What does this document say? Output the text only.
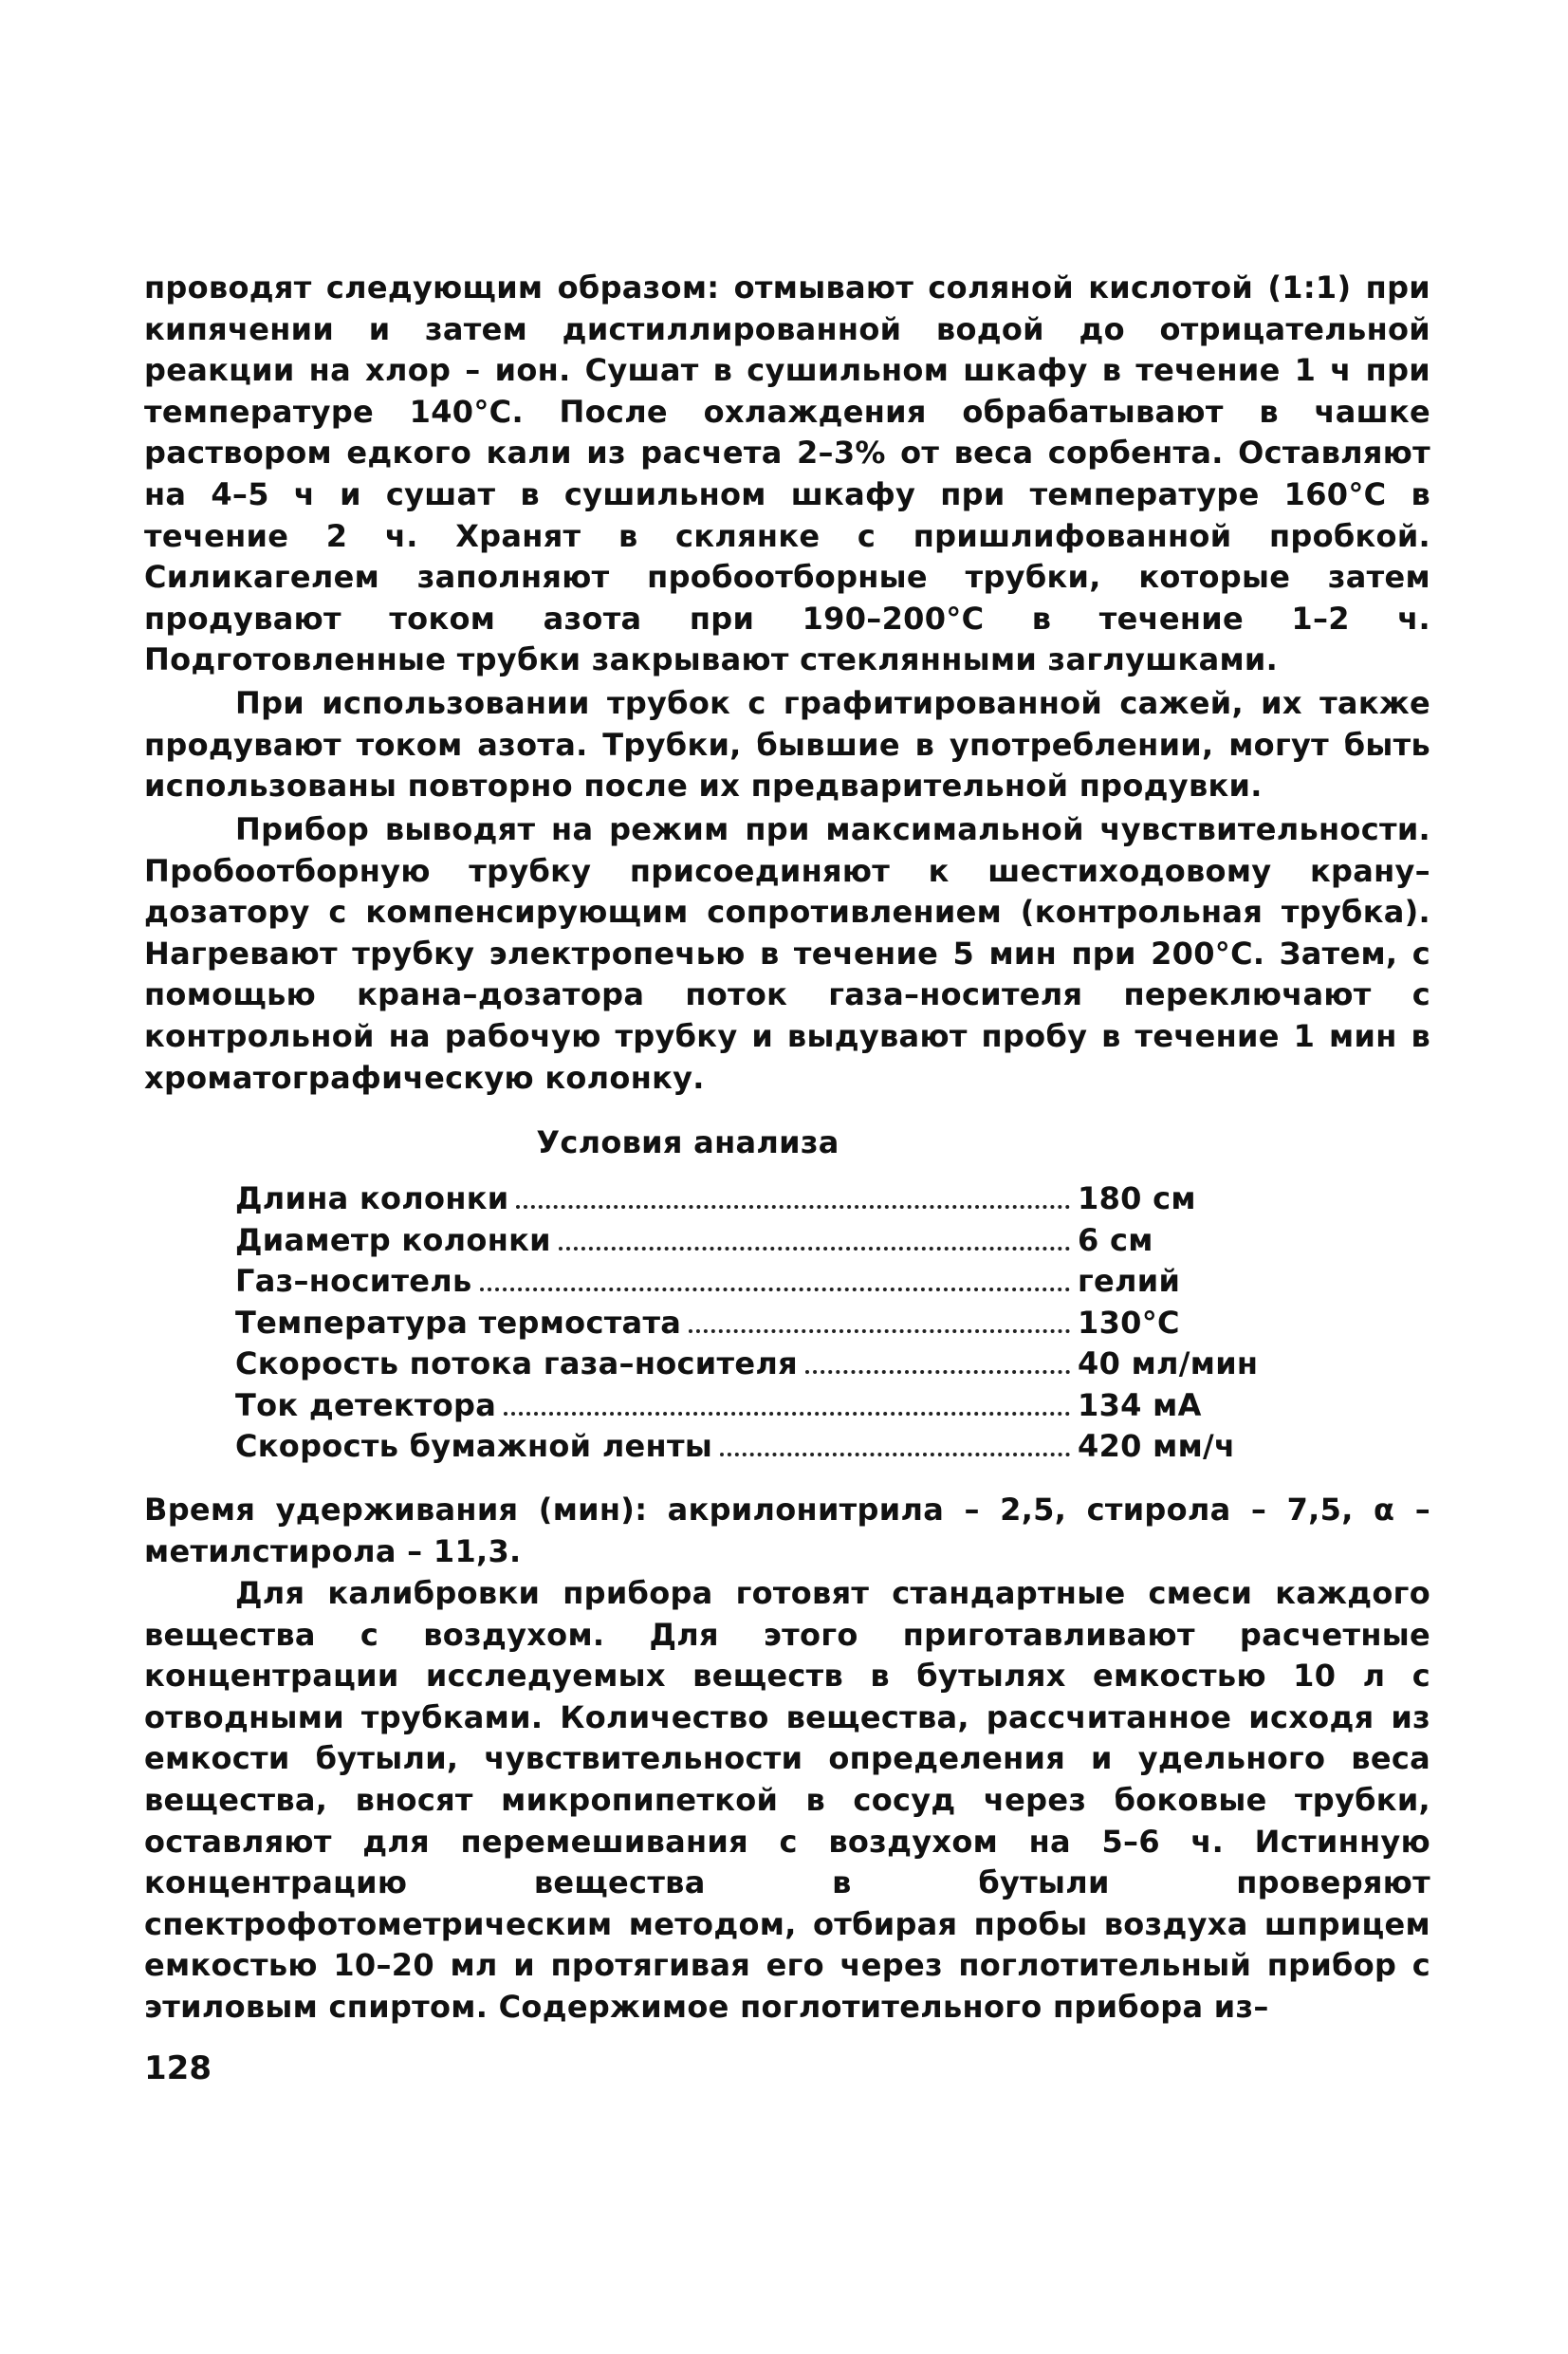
проводят следующим образом: отмывают соляной кислотой (1:1) при кипячении и затем дистиллированной водой до отрицательной реакции на хлор – ион. Сушат в сушильном шкафу в течение 1 ч при температуре 140°С. После охлаждения обрабатывают в чашке раствором едкого кали из расчета 2–3% от веса сорбента. Оставляют на 4–5 ч и сушат в сушильном шкафу при температуре 160°С в течение 2 ч. Хранят в склянке с пришлифованной пробкой. Силикагелем заполняют пробоотборные трубки, которые затем продувают током азота при 190–200°С в течение 1–2 ч. Подготовленные трубки закрывают стеклянными заглушками.

При использовании трубок с графитированной сажей, их также продувают током азота. Трубки, бывшие в употреблении, могут быть использованы повторно после их предварительной продувки.

Прибор выводят на режим при максимальной чувствительности. Пробоотборную трубку присоединяют к шестиходовому крану–дозатору с компенсирующим сопротивлением (контрольная трубка). Нагревают трубку электропечью в течение 5 мин при 200°С. Затем, с помощью крана–дозатора поток газа–носителя переключают с контрольной на рабочую трубку и выдувают пробу в течение 1 мин в хроматографическую колонку.

Условия анализа
Длина колонки	180 см
Диаметр колонки	6 см
Газ–носитель	гелий
Температура термостата	130°С
Скорость потока газа–носителя	40 мл/мин
Ток детектора	134 мА
Скорость бумажной ленты	420 мм/ч

Время удерживания (мин): акрилонитрила – 2,5, стирола – 7,5, α –метилстирола – 11,3.

Для калибровки прибора готовят стандартные смеси каждого вещества с воздухом. Для этого приготавливают расчетные концентрации исследуемых веществ в бутылях емкостью 10 л с отводными трубками. Количество вещества, рассчитанное исходя из емкости бутыли, чувствительности определения и удельного веса вещества, вносят микропипеткой в сосуд через боковые трубки, оставляют для перемешивания с воздухом на 5–6 ч. Истинную концентрацию вещества в бутыли проверяют спектрофотометрическим методом, отбирая пробы воздуха шприцем емкостью 10–20 мл и протягивая его через поглотительный прибор с этиловым спиртом. Содержимое поглотительного прибора из–

128
